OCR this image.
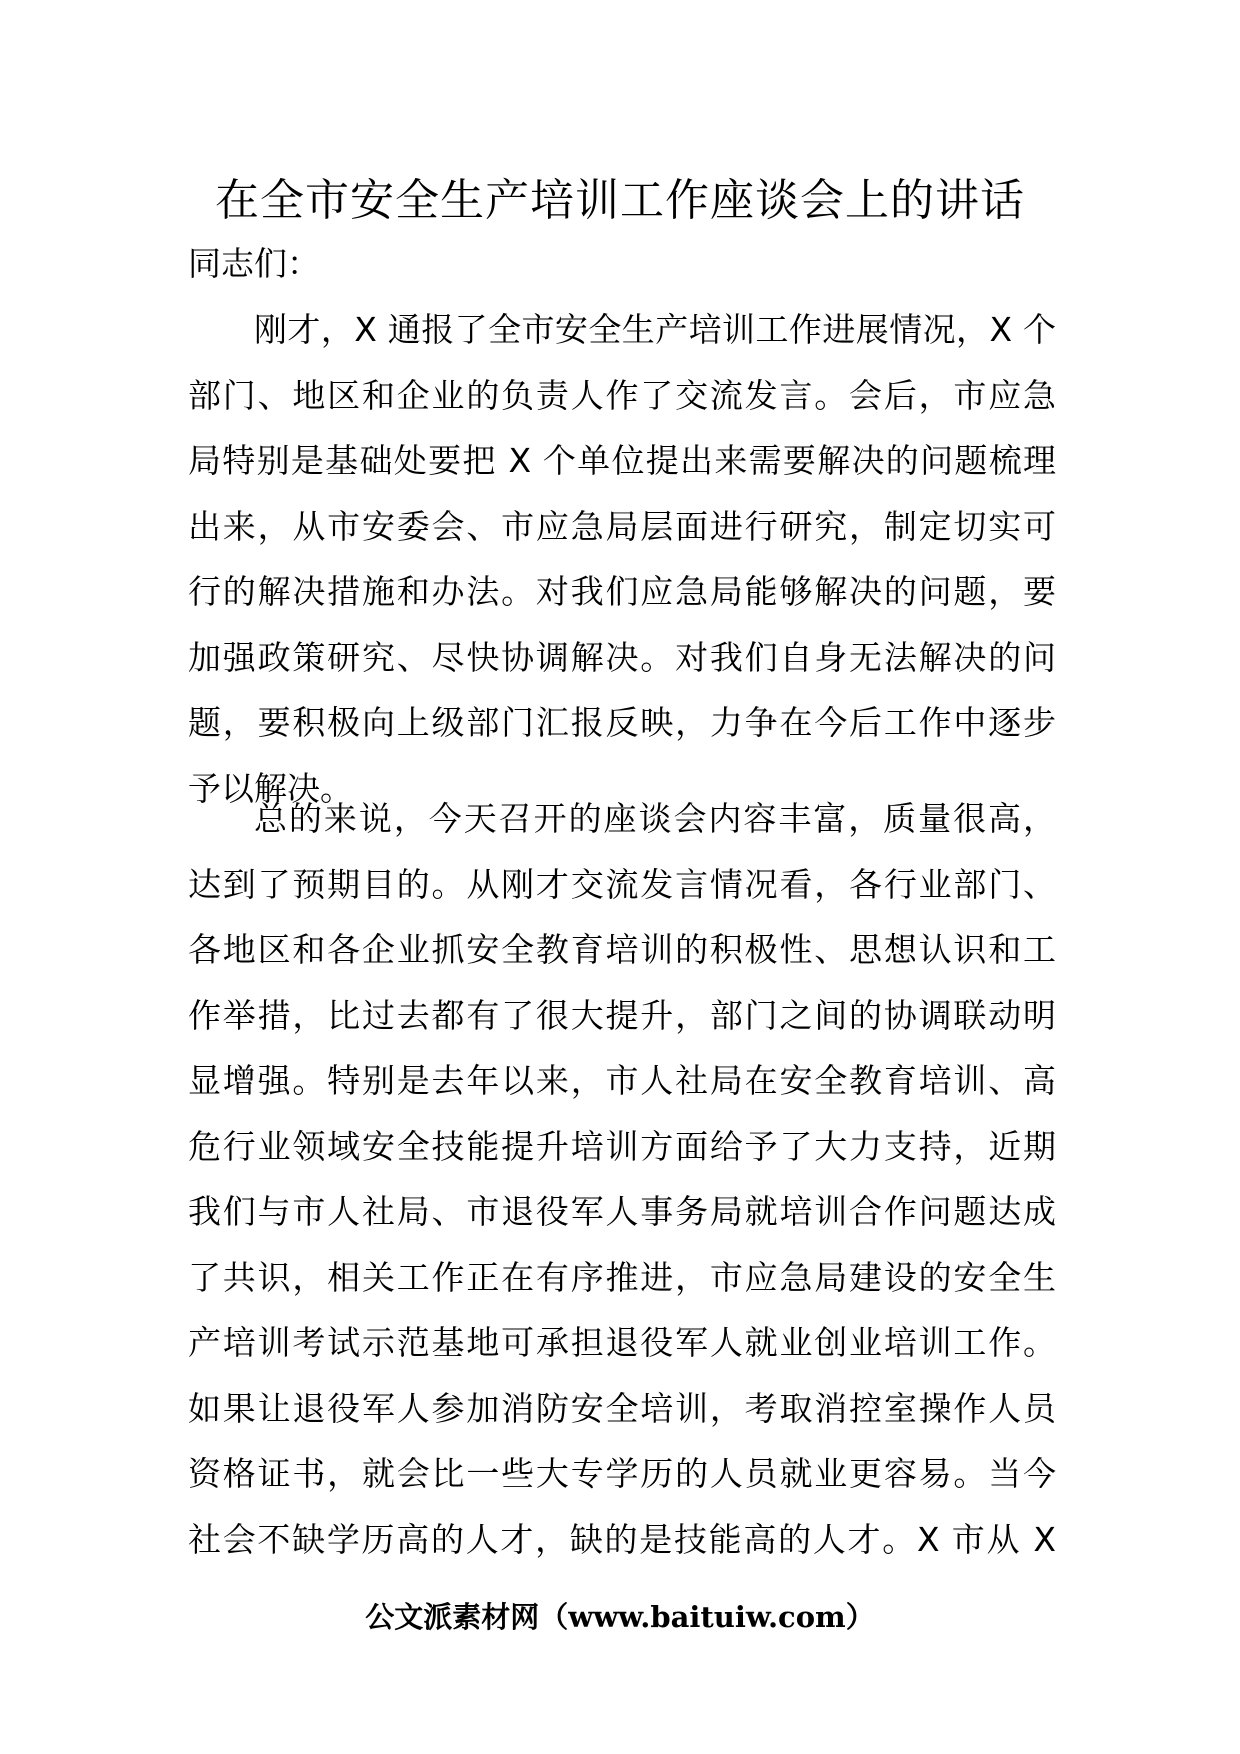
在全市安全生产培训工作座谈会上的讲话
同志们：
刚才，X 通报了全市安全生产培训工作进展情况，X 个
部门、地区和企业的负责人作了交流发言。会后，市应急
局特别是基础处要把 X 个单位提出来需要解决的问题梳理
出来，从市安委会、市应急局层面进行研究，制定切实可
行的解决措施和办法。对我们应急局能够解决的问题，要
加强政策研究、尽快协调解决。对我们自身无法解决的问
题，要积极向上级部门汇报反映，力争在今后工作中逐步
予以解决。
总的来说，今天召开的座谈会内容丰富，质量很高，
达到了预期目的。从刚才交流发言情况看，各行业部门、
各地区和各企业抓安全教育培训的积极性、思想认识和工
作举措，比过去都有了很大提升，部门之间的协调联动明
显增强。特别是去年以来，市人社局在安全教育培训、高
危行业领域安全技能提升培训方面给予了大力支持，近期
我们与市人社局、市退役军人事务局就培训合作问题达成
了共识，相关工作正在有序推进，市应急局建设的安全生
产培训考试示范基地可承担退役军人就业创业培训工作。
如果让退役军人参加消防安全培训，考取消控室操作人员
资格证书，就会比一些大专学历的人员就业更容易。当今
社会不缺学历高的人才，缺的是技能高的人才。X 市从 X
公文派素材网（www.baituiw.com）
